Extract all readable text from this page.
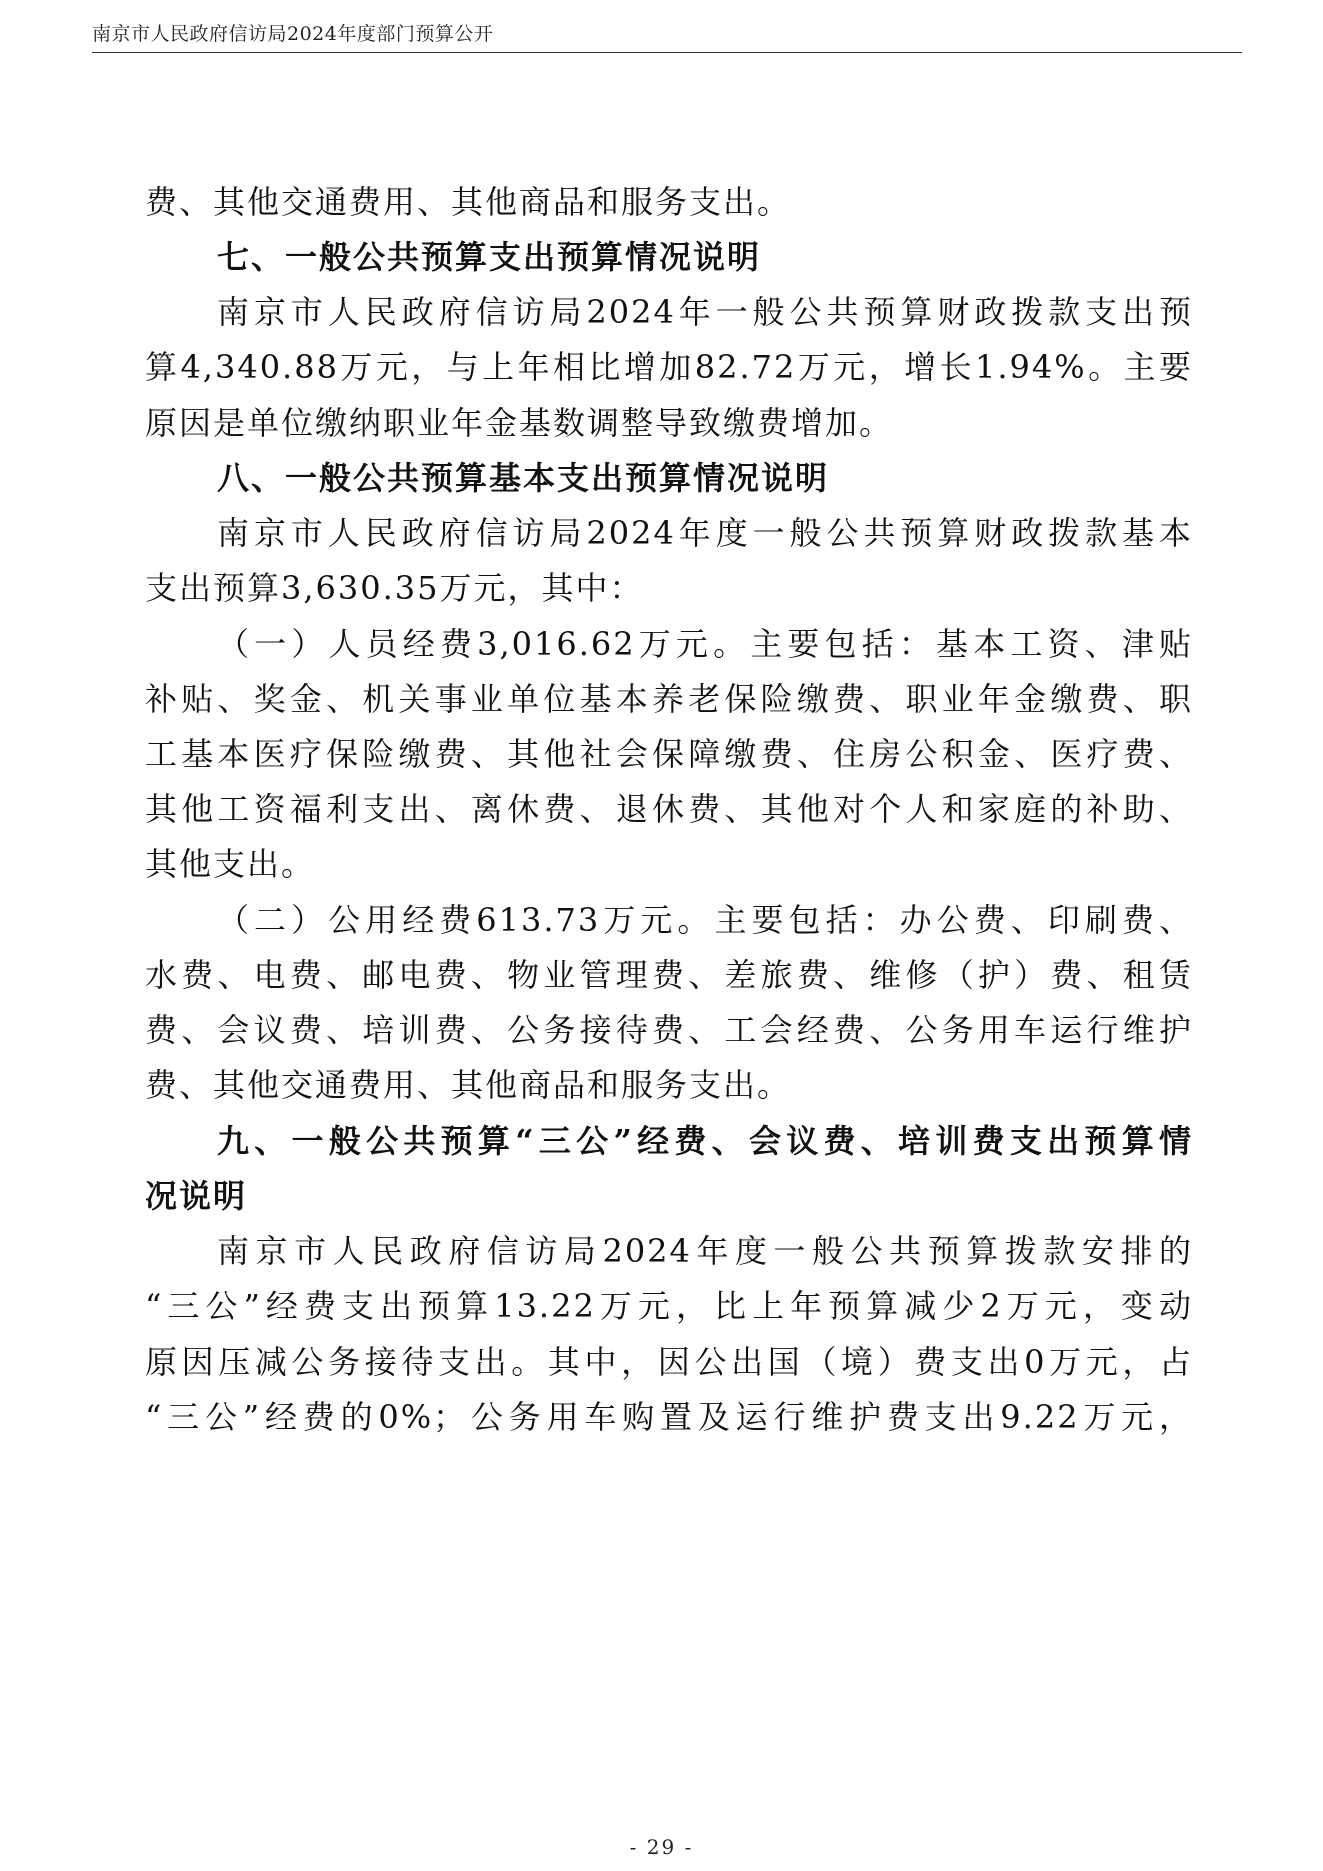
南京市人民政府信访局2024年度部门预算公开
费、其他交通费用、其他商品和服务支出。
七、一般公共预算支出预算情况说明
南京市人民政府信访局2024年一般公共预算财政拨款支出预
算4,340.88万元，与上年相比增加82.72万元，增长1.94%。主要
原因是单位缴纳职业年金基数调整导致缴费增加。
八、一般公共预算基本支出预算情况说明
南京市人民政府信访局2024年度一般公共预算财政拨款基本
支出预算3,630.35万元，其中：
（一）人员经费3,016.62万元。主要包括：基本工资、津贴
补贴、奖金、机关事业单位基本养老保险缴费、职业年金缴费、职
工基本医疗保险缴费、其他社会保障缴费、住房公积金、医疗费、
其他工资福利支出、离休费、退休费、其他对个人和家庭的补助、
其他支出。
（二）公用经费613.73万元。主要包括：办公费、印刷费、
水费、电费、邮电费、物业管理费、差旅费、维修（护）费、租赁
费、会议费、培训费、公务接待费、工会经费、公务用车运行维护
费、其他交通费用、其他商品和服务支出。
九、一般公共预算“三公”经费、会议费、培训费支出预算情
况说明
南京市人民政府信访局2024年度一般公共预算拨款安排的
“三公”经费支出预算13.22万元，比上年预算减少2万元，变动
原因压减公务接待支出。其中，因公出国（境）费支出0万元，占
“三公”经费的0%；公务用车购置及运行维护费支出9.22万元，
- 29 -
